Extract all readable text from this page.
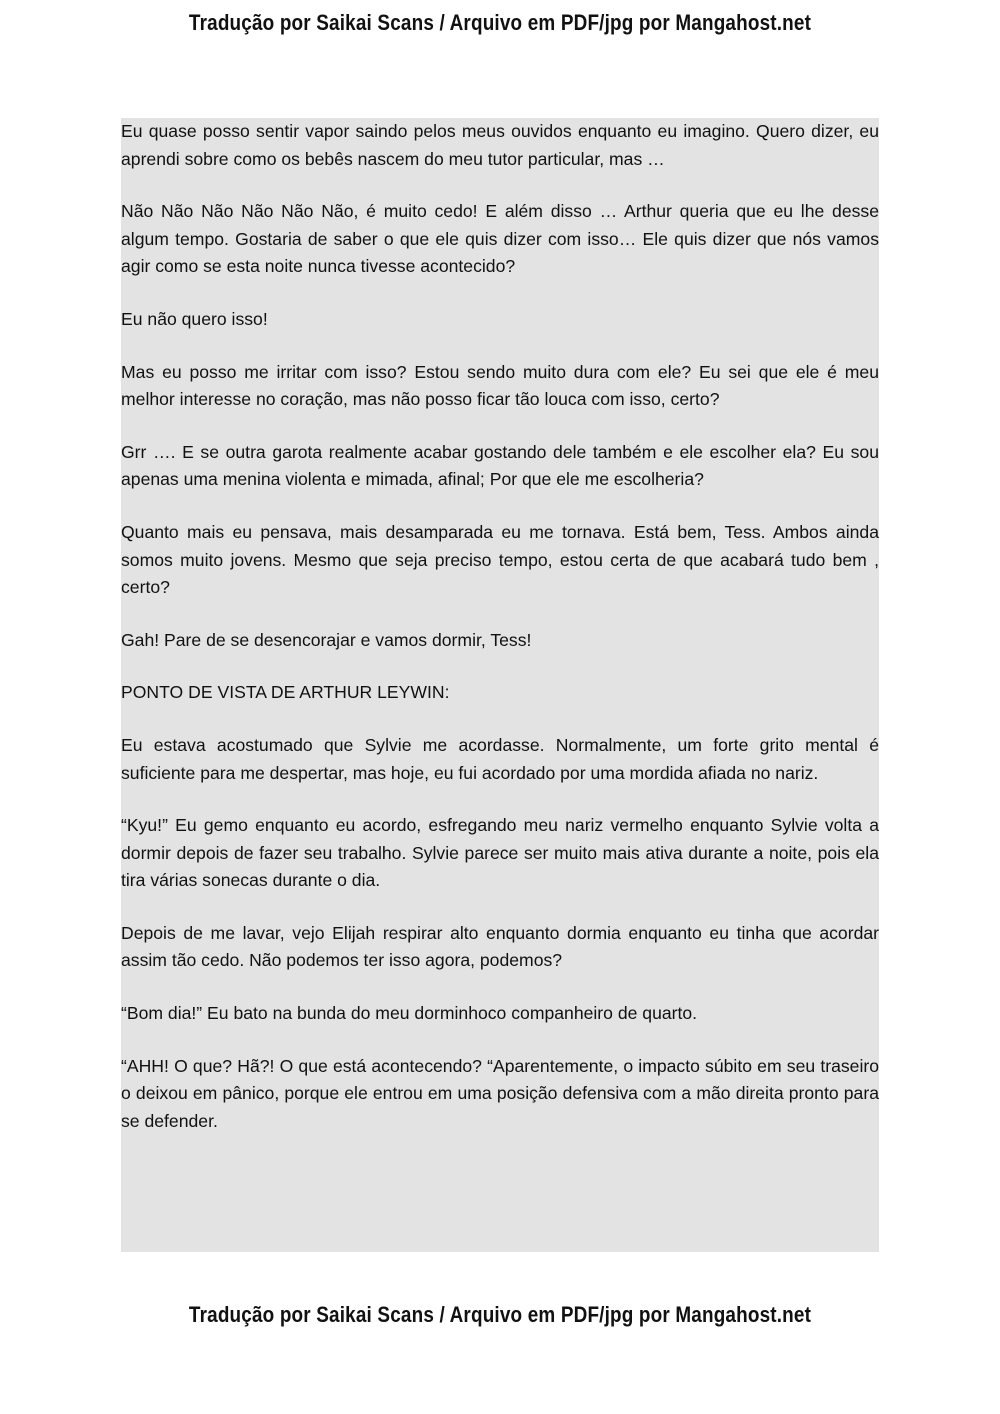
Tradução por Saikai Scans / Arquivo em PDF/jpg por Mangahost.net

Eu quase posso sentir vapor saindo pelos meus ouvidos enquanto eu imagino. Quero dizer, eu aprendi sobre como os bebês nascem do meu tutor particular, mas …

Não Não Não Não Não Não, é muito cedo! E além disso … Arthur queria que eu lhe desse algum tempo. Gostaria de saber o que ele quis dizer com isso… Ele quis dizer que nós vamos agir como se esta noite nunca tivesse acontecido?

Eu não quero isso!

Mas eu posso me irritar com isso? Estou sendo muito dura com ele? Eu sei que ele é meu melhor interesse no coração, mas não posso ficar tão louca com isso, certo?

Grr …. E se outra garota realmente acabar gostando dele também e ele escolher ela? Eu sou apenas uma menina violenta e mimada, afinal; Por que ele me escolheria?

Quanto mais eu pensava, mais desamparada eu me tornava. Está bem, Tess. Ambos ainda somos muito jovens. Mesmo que seja preciso tempo, estou certa de que acabará tudo bem , certo?

Gah! Pare de se desencorajar e vamos dormir, Tess!

PONTO DE VISTA DE ARTHUR LEYWIN:

Eu estava acostumado que Sylvie me acordasse. Normalmente, um forte grito mental é suficiente para me despertar, mas hoje, eu fui acordado por uma mordida afiada no nariz.

“Kyu!” Eu gemo enquanto eu acordo, esfregando meu nariz vermelho enquanto Sylvie volta a dormir depois de fazer seu trabalho. Sylvie parece ser muito mais ativa durante a noite, pois ela tira várias sonecas durante o dia.

Depois de me lavar, vejo Elijah respirar alto enquanto dormia enquanto eu tinha que acordar assim tão cedo. Não podemos ter isso agora, podemos?

“Bom dia!” Eu bato na bunda do meu dorminhoco companheiro de quarto.

“AHH! O que? Hã?! O que está acontecendo? “Aparentemente, o impacto súbito em seu traseiro o deixou em pânico, porque ele entrou em uma posição defensiva com a mão direita pronto para se defender.

Tradução por Saikai Scans / Arquivo em PDF/jpg por Mangahost.net
